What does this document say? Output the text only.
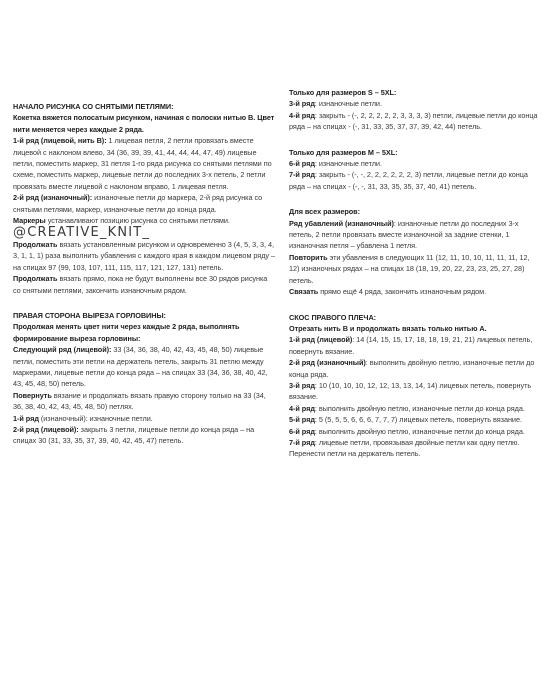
НАЧАЛО РИСУНКА СО СНЯТЫМИ ПЕТЛЯМИ:

Кокетка вяжется полосатым рисунком, начиная с полоски нитью В. Цвет нити меняется через каждые 2 ряда.

1-й ряд (лицевой, нить В): 1 лицевая петля, 2 петли провязать вместе лицевой с наклоном влево, 34 (36, 39, 39, 41, 44, 44, 44, 47, 49) лицевые петли, поместить маркер, 31 петля 1-го ряда рисунка со снятыми петлями по схеме, поместить маркер, лицевые петли до последних 3-х петель, 2 петли провязать вместе лицевой с наклоном вправо, 1 лицевая петля.

2-й ряд (изнаночный): изнаночные петли до маркера, 2-й ряд рисунка со снятыми петлями, маркер, изнаночные петли до конца ряда.

Маркеры устанавливают позицию рисунка со снятыми петлями. @CREATIVE_KNIT_

Продолжать вязать установленным рисунком и одновременно 3 (4, 5, 3, 3, 4, 3, 1, 1, 1) раза выполнить убавления с каждого края в каждом лицевом ряду – на спицах 97 (99, 103, 107, 111, 115, 117, 121, 127, 131) петель.

Продолжать вязать прямо, пока не будут выполнены все 30 рядов рисунка со снятыми петлями, закончить изнаночным рядом.

ПРАВАЯ СТОРОНА ВЫРЕЗА ГОРЛОВИНЫ:

Продолжая менять цвет нити через каждые 2 ряда, выполнять формирование выреза горловины:

Следующий ряд (лицевой): 33 (34, 36, 38, 40, 42, 43, 45, 48, 50) лицевые петли, поместить эти петли на держатель петель, закрыть 31 петлю между маркерами, лицевые петли до конца ряда – на спицах 33 (34, 36, 38, 40, 42, 43, 45, 48, 50) петель.

Повернуть вязание и продолжать вязать правую сторону только на 33 (34, 36, 38, 40, 42, 43, 45, 48, 50) петлях.

1-й ряд (изнаночный): изнаночные петли.

2-й ряд (лицевой): закрыть 3 петли, лицевые петли до конца ряда – на спицах 30 (31, 33, 35, 37, 39, 40, 42, 45, 47) петель.

Только для размеров S – 5XL:

3-й ряд: изнаночные петли.

4-й ряд: закрыть - (-, 2, 2, 2, 2, 2, 3, 3, 3, 3) петли, лицевые петли до конца ряда – на спицах - (-, 31, 33, 35, 37, 37, 39, 42, 44) петель.

Только для размеров М – 5XL:

6-й ряд: изнаночные петли.

7-й ряд: закрыть - (-, -, 2, 2, 2, 2, 2, 2, 3) петли, лицевые петли до конца ряда – на спицах - (-, -, 31, 33, 35, 35, 37, 40, 41) петель.

Для всех размеров:

Ряд убавлений (изнаночный): изнаночные петли до последних 3-х петель, 2 петли провязать вместе изнаночной за задние стенки, 1 изнаночная петля – убавлена 1 петля.

Повторить эти убавления в следующих 11 (12, 11, 10, 10, 11, 11, 11, 12, 12) изнаночных рядах – на спицах 18 (18, 19, 20, 22, 23, 23, 25, 27, 28) петель.

Связать прямо ещё 4 ряда, закончить изнаночным рядом.

СКОС ПРАВОГО ПЛЕЧА:

Отрезать нить В и продолжать вязать только нитью А.

1-й ряд (лицевой): 14 (14, 15, 15, 17, 18, 18, 19, 21, 21) лицевых петель, повернуть вязание.

2-й ряд (изнаночный): выполнить двойную петлю, изнаночные петли до конца ряда.

3-й ряд: 10 (10, 10, 10, 12, 12, 13, 13, 14, 14) лицевых петель, повернуть вязание.

4-й ряд: выполнить двойную петлю, изнаночные петли до конца ряда.

5-й ряд: 5 (5, 5, 5, 6, 6, 6, 7, 7, 7) лицевых петель, повернуть вязание.

6-й ряд: выполнить двойную петлю, изнаночные петли до конца ряда.

7-й ряд: лицевые петли, провязывая двойные петли как одну петлю.

Перенести петли на держатель петель.
